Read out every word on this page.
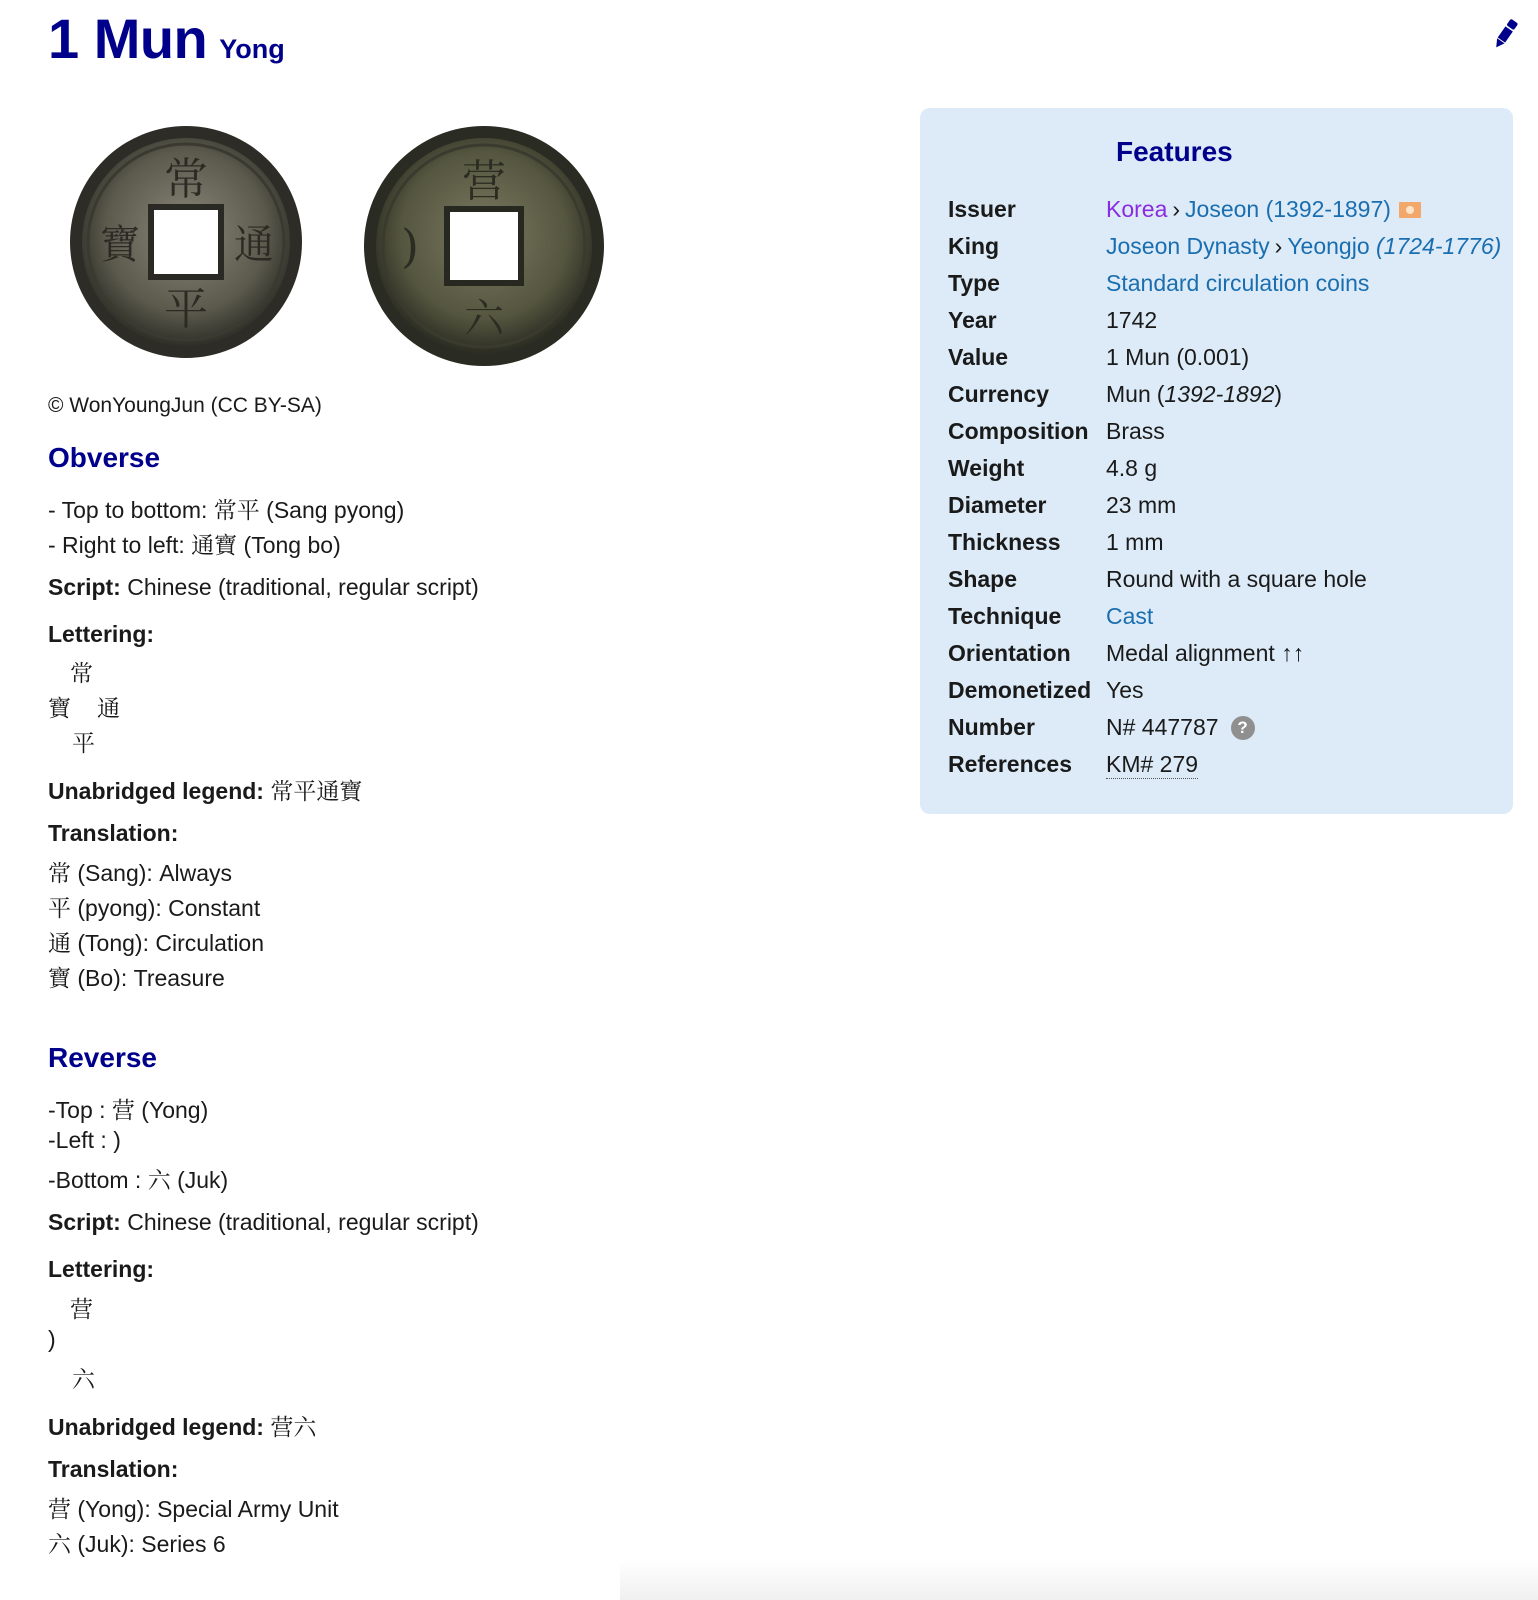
1 Mun Yong
常
平
通
寶
营
六
)
© WonYoungJun (CC BY-SA)
Obverse
- Top to bottom: 常平 (Sang pyong)
- Right to left: 通寶 (Tong bo)
Script: Chinese (traditional, regular script)
Lettering:
常
寶 通
平
Unabridged legend: 常平通寶
Translation:
常 (Sang): Always
平 (pyong): Constant
通 (Tong): Circulation
寶 (Bo): Treasure
Reverse
-Top : 营 (Yong)
-Left : )
-Bottom : 六 (Juk)
Script: Chinese (traditional, regular script)
Lettering:
营
)
六
Unabridged legend: 营六
Translation:
营 (Yong): Special Army Unit
六 (Juk): Series 6
Features
Issuer	Korea › Joseon (1392-1897)
King	Joseon Dynasty › Yeongjo (1724-1776)
Type	Standard circulation coins
Year	1742
Value	1 Mun (0.001)
Currency	Mun ( 1392-1892 )
Composition Brass
Weight	4.8 g
Diameter	23 mm
Thickness	1 mm
Shape	Round with a square hole
Technique	Cast
Orientation	Medal alignment ↑↑
Demonetized Yes
Number	N# 447787	?
References	KM# 279
